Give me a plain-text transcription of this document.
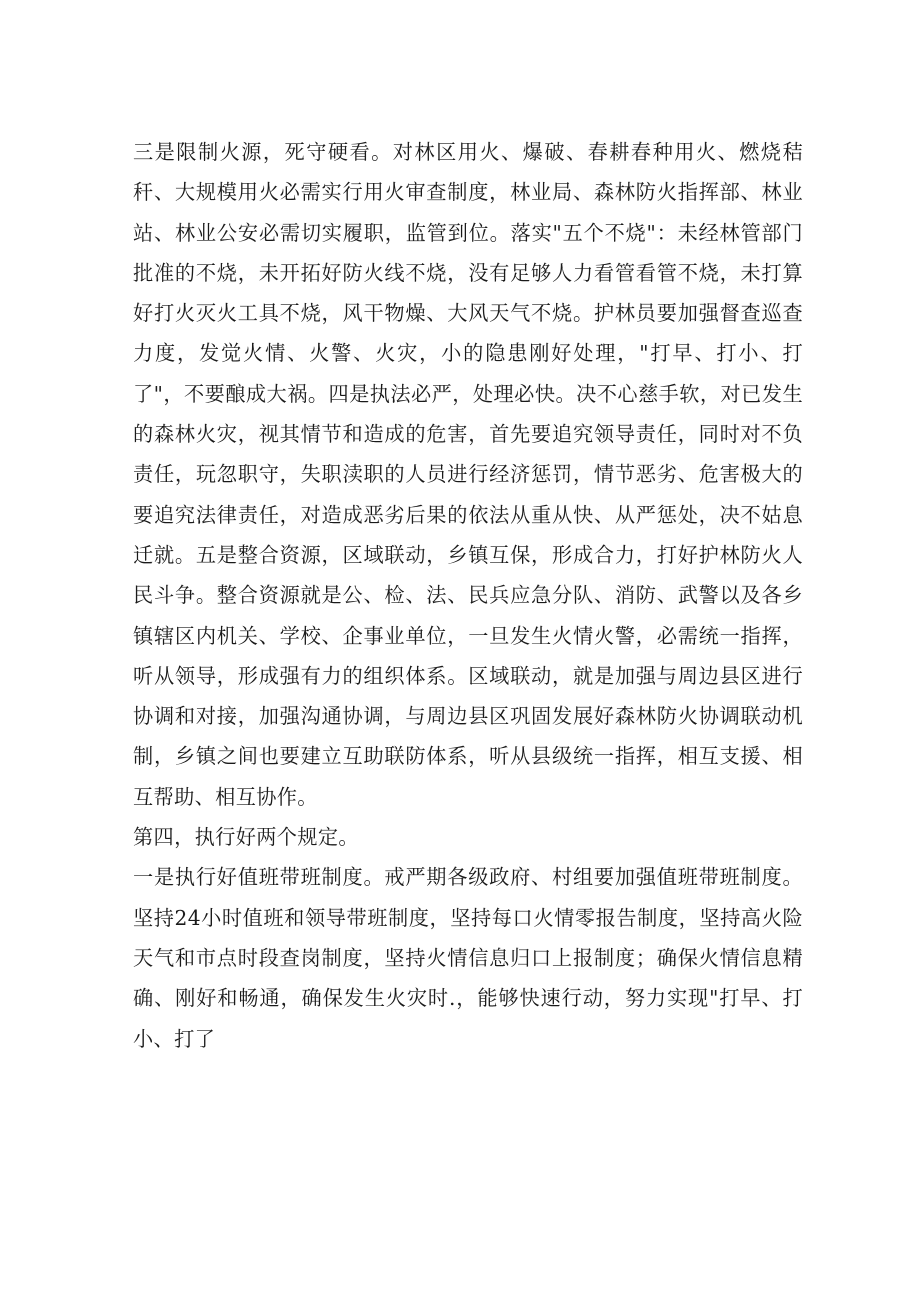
三是限制火源，死守硬看。对林区用火、爆破、春耕春种用火、燃烧秸秆、大规模用火必需实行用火审查制度，林业局、森林防火指挥部、林业站、林业公安必需切实履职，监管到位。落实"五个不烧"：未经林管部门批准的不烧，未开拓好防火线不烧，没有足够人力看管看管不烧，未打算好打火灭火工具不烧，风干物燥、大风天气不烧。护林员要加强督查巡查力度，发觉火情、火警、火灾，小的隐患刚好处理，"打早、打小、打了"，不要酿成大祸。四是执法必严，处理必快。决不心慈手软，对已发生的森林火灾，视其情节和造成的危害，首先要追究领导责任，同时对不负责任，玩忽职守，失职渎职的人员进行经济惩罚，情节恶劣、危害极大的要追究法律责任，对造成恶劣后果的依法从重从快、从严惩处，决不姑息迁就。五是整合资源，区域联动，乡镇互保，形成合力，打好护林防火人民斗争。整合资源就是公、检、法、民兵应急分队、消防、武警以及各乡镇辖区内机关、学校、企事业单位，一旦发生火情火警，必需统一指挥，听从领导，形成强有力的组织体系。区域联动，就是加强与周边县区进行协调和对接，加强沟通协调，与周边县区巩固发展好森林防火协调联动机制，乡镇之间也要建立互助联防体系，听从县级统一指挥，相互支援、相互帮助、相互协作。

第四，执行好两个规定。

一是执行好值班带班制度。戒严期各级政府、村组要加强值班带班制度。坚持24小时值班和领导带班制度，坚持每口火情零报告制度，坚持高火险天气和市点时段查岗制度，坚持火情信息归口上报制度；确保火情信息精确、刚好和畅通，确保发生火灾时.，能够快速行动，努力实现"打早、打小、打了
